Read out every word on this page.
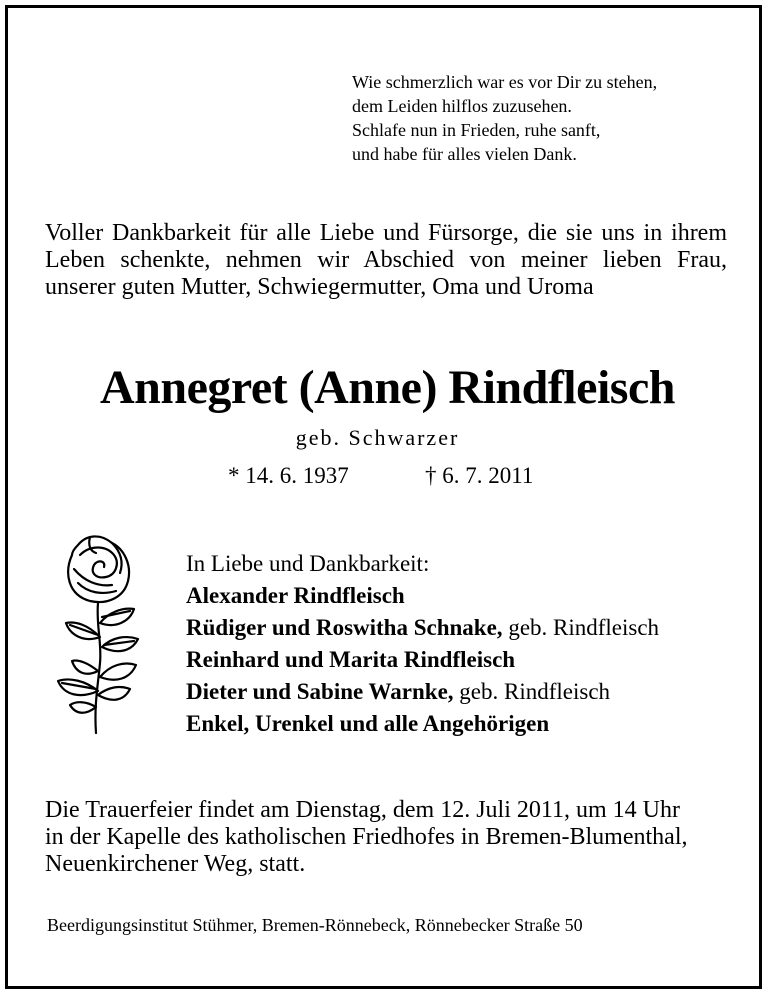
Wie schmerzlich war es vor Dir zu stehen,
dem Leiden hilflos zuzusehen.
Schlafe nun in Frieden, ruhe sanft,
und habe für alles vielen Dank.
Voller Dankbarkeit für alle Liebe und Fürsorge, die sie uns in ihrem Leben schenkte, nehmen wir Abschied von meiner lieben Frau, unserer guten Mutter, Schwiegermutter, Oma und Uroma
Annegret (Anne) Rindfleisch
geb. Schwarzer
* 14. 6. 1937	† 6. 7. 2011
In Liebe und Dankbarkeit:
Alexander Rindfleisch
Rüdiger und Roswitha Schnake, geb. Rindfleisch
Reinhard und Marita Rindfleisch
Dieter und Sabine Warnke, geb. Rindfleisch
Enkel, Urenkel und alle Angehörigen
Die Trauerfeier findet am Dienstag, dem 12. Juli 2011, um 14 Uhr
in der Kapelle des katholischen Friedhofes in Bremen-Blumenthal,
Neuenkirchener Weg, statt.
Beerdigungsinstitut Stühmer, Bremen-Rönnebeck, Rönnebecker Straße 50
